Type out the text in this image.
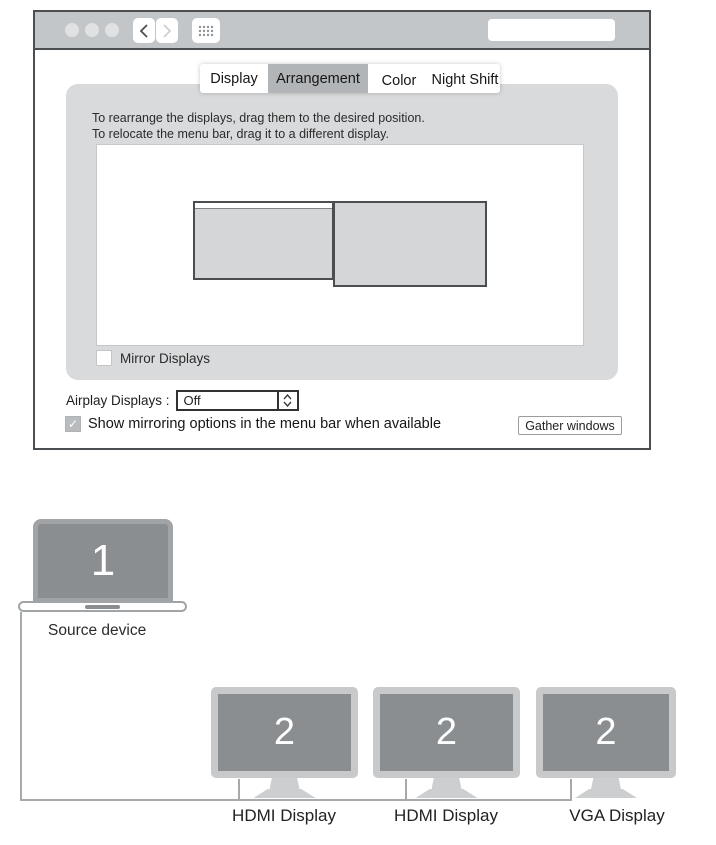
Display	Arrangement	Color	Night Shift
To rearrange the displays, drag them to the desired position.
To relocate the menu bar, drag it to a different display.
Mirror Displays
Airplay Displays : Off
✓ Show mirroring options in the menu bar when available	Gather windows
1
Source device
2	2	2
HDMI Display	HDMI Display	VGA Display
